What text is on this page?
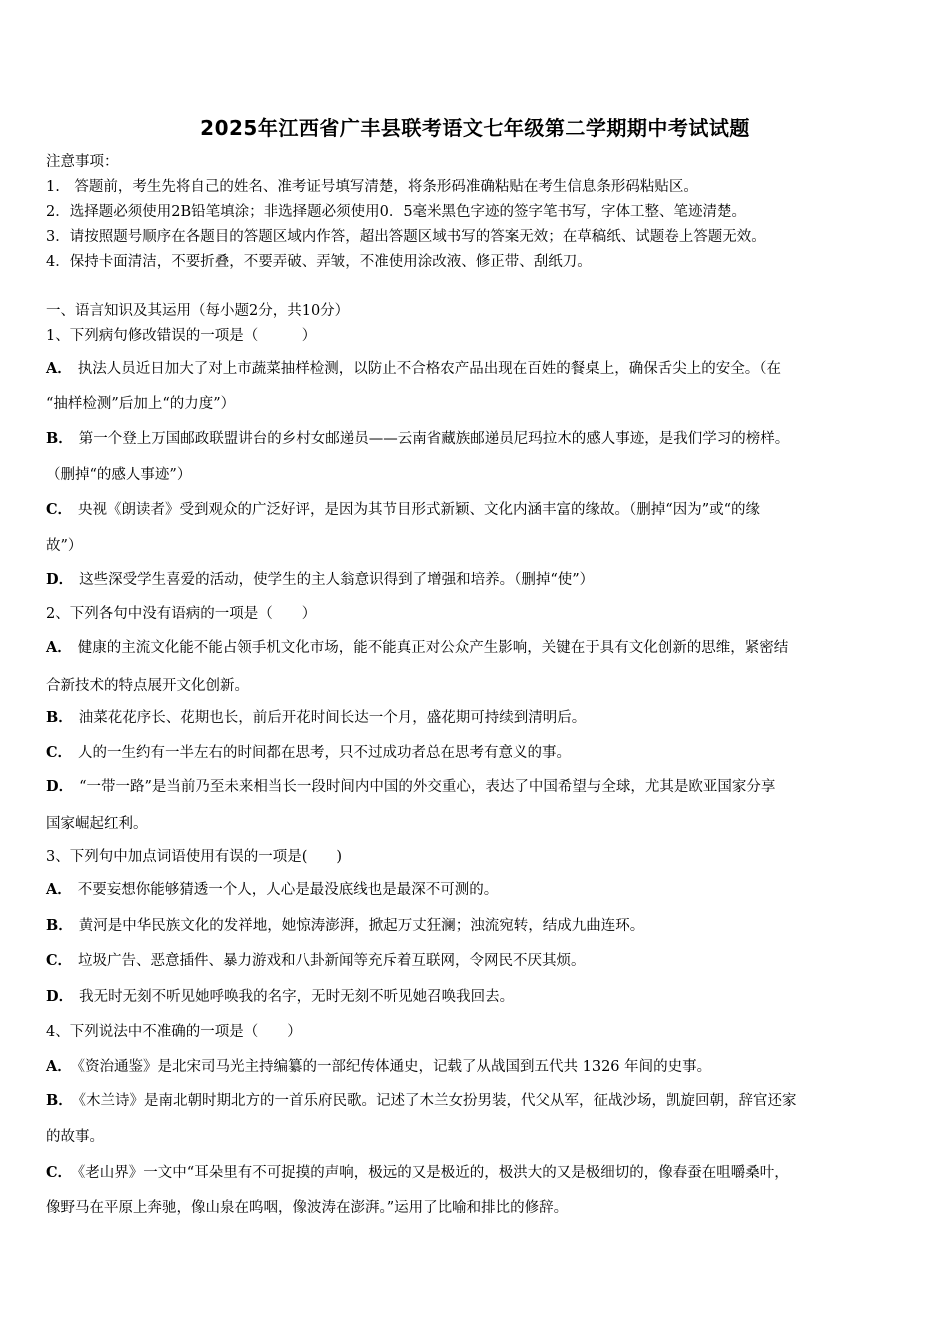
2025年江西省广丰县联考语文七年级第二学期期中考试试题
注意事项：
1.　答题前，考生先将自己的姓名、准考证号填写清楚，将条形码准确粘贴在考生信息条形码粘贴区。
2．选择题必须使用2B铅笔填涂；非选择题必须使用0．5毫米黑色字迹的签字笔书写，字体工整、笔迹清楚。
3．请按照题号顺序在各题目的答题区域内作答，超出答题区域书写的答案无效；在草稿纸、试题卷上答题无效。
4．保持卡面清洁，不要折叠，不要弄破、弄皱，不准使用涂改液、修正带、刮纸刀。
一、语言知识及其运用（每小题2分，共10分）
1、下列病句修改错误的一项是（　　　）
A． 执法人员近日加大了对上市蔬菜抽样检测，以防止不合格农产品出现在百姓的餐桌上，确保舌尖上的安全。（在
“抽样检测”后加上“的力度”）
B． 第一个登上万国邮政联盟讲台的乡村女邮递员——云南省藏族邮递员尼玛拉木的感人事迹，是我们学习的榜样。
（删掉“的感人事迹”）
C． 央视《朗读者》受到观众的广泛好评，是因为其节目形式新颖、文化内涵丰富的缘故。（删掉“因为”或“的缘
故”）
D． 这些深受学生喜爱的活动，使学生的主人翁意识得到了增强和培养。（删掉“使”）
2、下列各句中没有语病的一项是（　　）
A． 健康的主流文化能不能占领手机文化市场，能不能真正对公众产生影响，关键在于具有文化创新的思维，紧密结
合新技术的特点展开文化创新。
B． 油菜花花序长、花期也长，前后开花时间长达一个月，盛花期可持续到清明后。
C． 人的一生约有一半左右的时间都在思考，只不过成功者总在思考有意义的事。
D． “一带一路”是当前乃至未来相当长一段时间内中国的外交重心，表达了中国希望与全球，尤其是欧亚国家分享
国家崛起红利。
3、下列句中加点词语使用有误的一项是(　　)
A． 不要妄想你能够猜透一个人，人心是最没底线也是最深不可测的。
B． 黄河是中华民族文化的发祥地，她惊涛澎湃，掀起万丈狂澜；浊流宛转，结成九曲连环。
C． 垃圾广告、恶意插件、暴力游戏和八卦新闻等充斥着互联网，令网民不厌其烦。
D． 我无时无刻不听见她呼唤我的名字，无时无刻不听见她召唤我回去。
4、下列说法中不准确的一项是（　　）
A． 《资治通鉴》是北宋司马光主持编纂的一部纪传体通史，记载了从战国到五代共 1326 年间的史事。
B． 《木兰诗》是南北朝时期北方的一首乐府民歌。记述了木兰女扮男装，代父从军，征战沙场，凯旋回朝，辞官还家
的故事。
C． 《老山界》一文中“耳朵里有不可捉摸的声响，极远的又是极近的，极洪大的又是极细切的，像春蚕在咀嚼桑叶，
像野马在平原上奔驰，像山泉在呜咽，像波涛在澎湃。”运用了比喻和排比的修辞。
